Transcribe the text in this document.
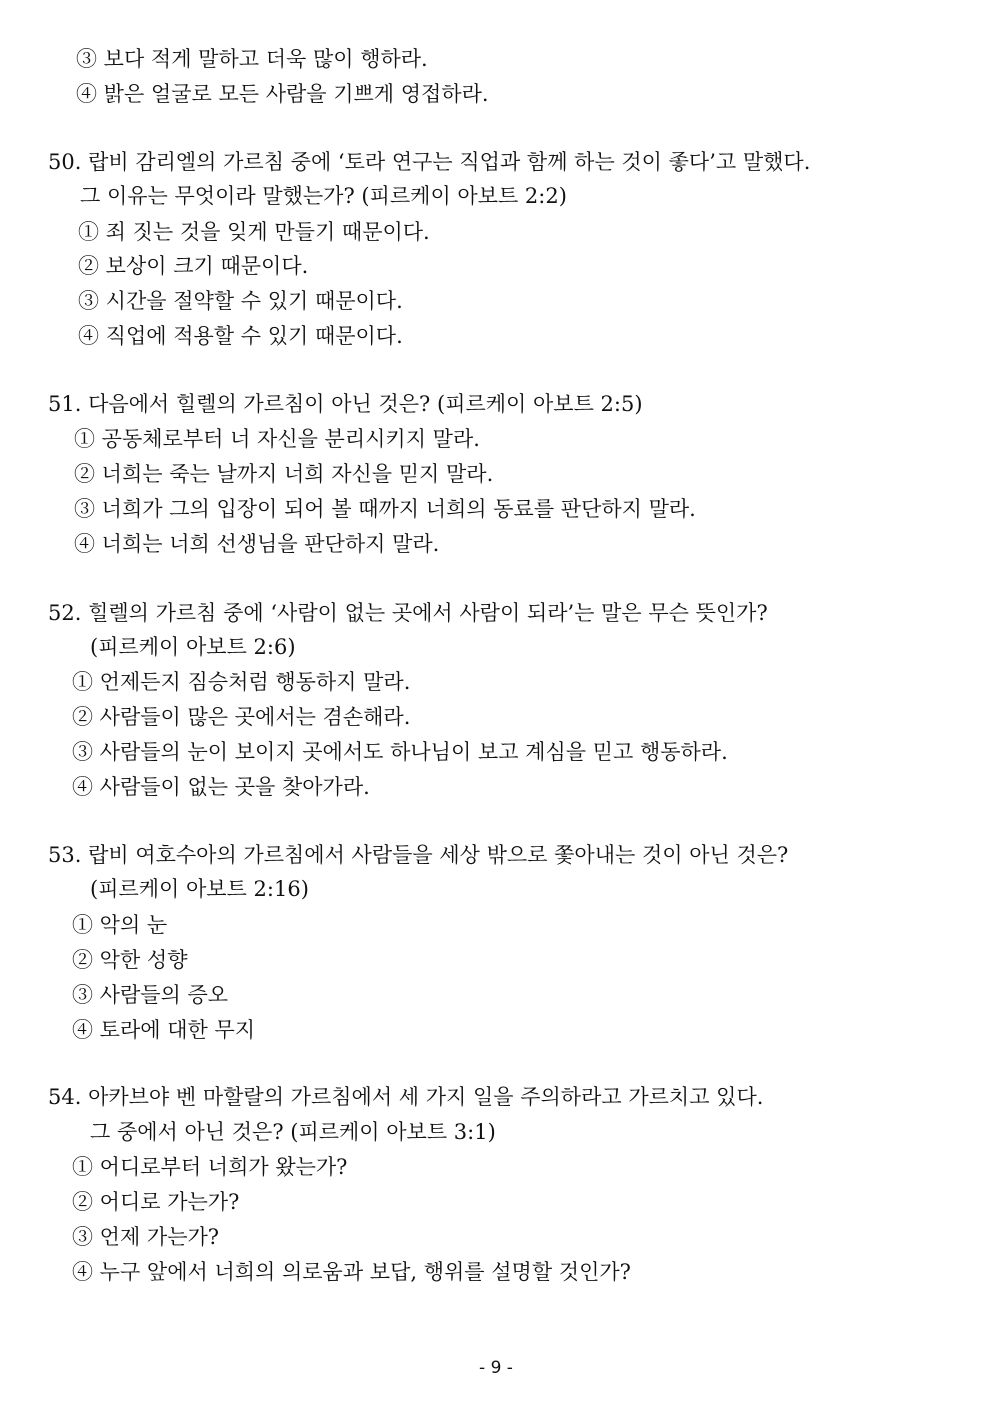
③ 보다 적게 말하고 더욱 많이 행하라.
④ 밝은 얼굴로 모든 사람을 기쁘게 영접하라.
50. 랍비 감리엘의 가르침 중에 ‘토라 연구는 직업과 함께 하는 것이 좋다’고 말했다.
그 이유는 무엇이라 말했는가? (피르케이 아보트 2:2)
① 죄 짓는 것을 잊게 만들기 때문이다.
② 보상이 크기 때문이다.
③ 시간을 절약할 수 있기 때문이다.
④ 직업에 적용할 수 있기 때문이다.
51. 다음에서 힐렐의 가르침이 아닌 것은? (피르케이 아보트 2:5)
① 공동체로부터 너 자신을 분리시키지 말라.
② 너희는 죽는 날까지 너희 자신을 믿지 말라.
③ 너희가 그의 입장이 되어 볼 때까지 너희의 동료를 판단하지 말라.
④ 너희는 너희 선생님을 판단하지 말라.
52. 힐렐의 가르침 중에 ‘사람이 없는 곳에서 사람이 되라’는 말은 무슨 뜻인가?
(피르케이 아보트 2:6)
① 언제든지 짐승처럼 행동하지 말라.
② 사람들이 많은 곳에서는 겸손해라.
③ 사람들의 눈이 보이지 곳에서도 하나님이 보고 계심을 믿고 행동하라.
④ 사람들이 없는 곳을 찾아가라.
53. 랍비 여호수아의 가르침에서 사람들을 세상 밖으로 쫓아내는 것이 아닌 것은?
(피르케이 아보트 2:16)
① 악의 눈
② 악한 성향
③ 사람들의 증오
④ 토라에 대한 무지
54. 아카브야 벤 마할랄의 가르침에서 세 가지 일을 주의하라고 가르치고 있다.
그 중에서 아닌 것은? (피르케이 아보트 3:1)
① 어디로부터 너희가 왔는가?
② 어디로 가는가?
③ 언제 가는가?
④ 누구 앞에서 너희의 의로움과 보답, 행위를 설명할 것인가?
- 9 -
